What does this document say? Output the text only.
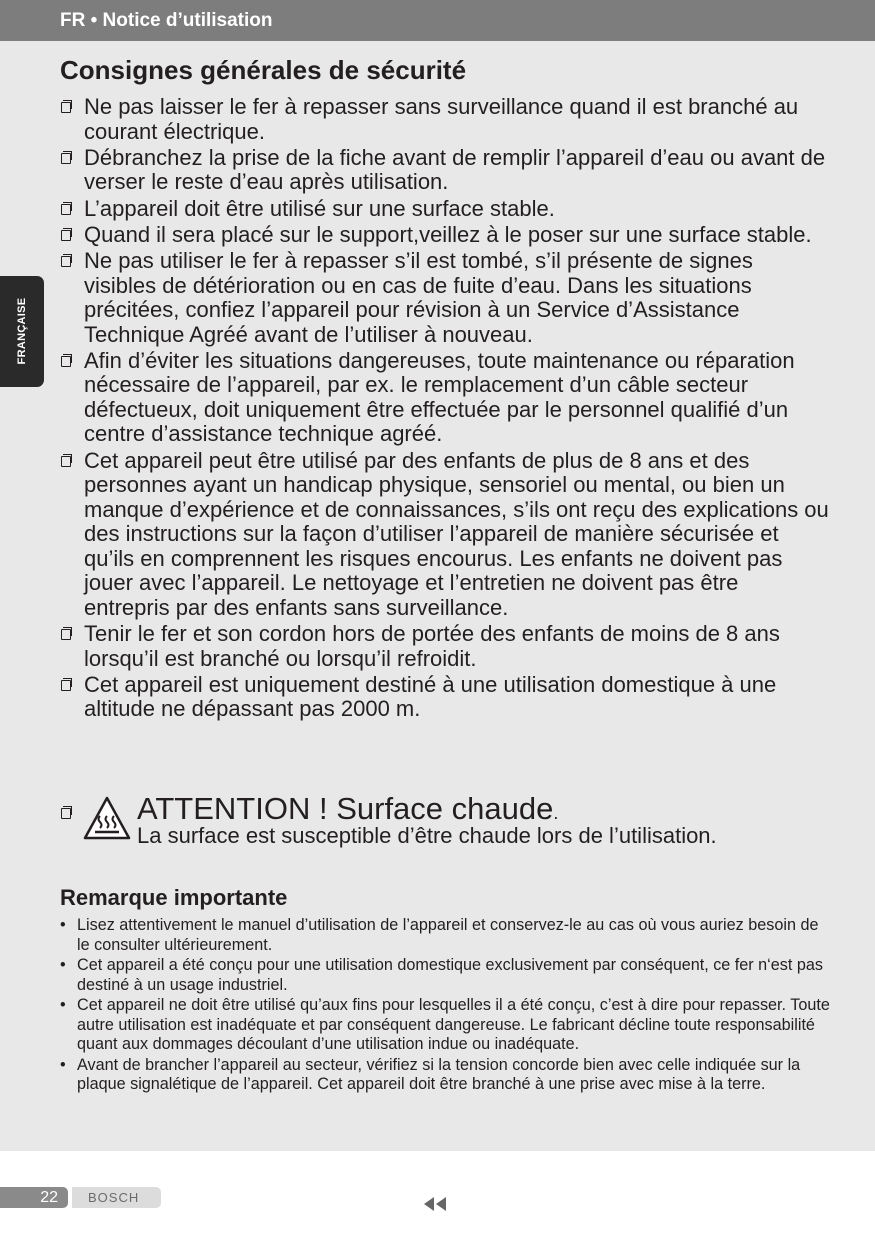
FR • Notice d’utilisation
FRANÇAISE
Consignes générales de sécurité
Ne pas laisser le fer à repasser sans surveillance quand il est branché au courant électrique.
Débranchez la prise de la fiche avant de remplir l’appareil d’eau ou avant de verser le reste d’eau après utilisation.
L’appareil doit être utilisé sur une surface stable.
Quand il sera placé sur le support,veillez à le poser sur une surface stable.
Ne pas utiliser le fer à repasser s’il est tombé, s’il présente de signes visibles de détérioration ou en cas de fuite d’eau. Dans les situations précitées, confiez l’appareil pour révision à un Service d’Assistance Technique Agréé avant de l’utiliser à nouveau.
Afin d’éviter les situations dangereuses, toute maintenance ou réparation nécessaire de l’appareil, par ex. le remplacement d’un câble secteur défectueux, doit uniquement être effectuée par le personnel qualifié d’un centre d’assistance technique agréé.
Cet appareil peut être utilisé par des enfants de plus de 8 ans et des personnes ayant un handicap physique, sensoriel ou mental, ou bien un manque d’expérience et de connaissances, s’ils ont reçu des explications ou des instructions sur la façon d’utiliser l’appareil de manière sécurisée et qu’ils en comprennent les risques encourus. Les enfants ne doivent pas jouer avec l’appareil. Le nettoyage et l’entretien ne doivent pas être entrepris par des enfants sans surveillance.
Tenir le fer et son cordon hors de portée des enfants de moins de 8 ans lorsqu’il est branché ou lorsqu’il refroidit.
Cet appareil est uniquement destiné à une utilisation domestique à une altitude ne dépassant pas 2000 m.
ATTENTION ! Surface chaude.
La surface est susceptible d’être chaude lors de l’utilisation.
Remarque importante
• Lisez attentivement le manuel d’utilisation de l’appareil et conservez-le au cas où vous auriez besoin de le consulter ultérieurement.
• Cet appareil a été conçu pour une utilisation domestique exclusivement par conséquent, ce fer n‘est pas destiné à un usage industriel.
• Cet appareil ne doit être utilisé qu’aux fins pour lesquelles il a été conçu, c’est à dire pour repasser. Toute autre utilisation est inadéquate et par conséquent dangereuse. Le fabricant décline toute responsabilité quant aux dommages découlant d’une utilisation indue ou inadéquate.
• Avant de brancher l’appareil au secteur, vérifiez si la tension concorde bien avec celle indiquée sur la plaque signalétique de l’appareil. Cet appareil doit être branché à une prise avec mise à la terre.
22	BOSCH
